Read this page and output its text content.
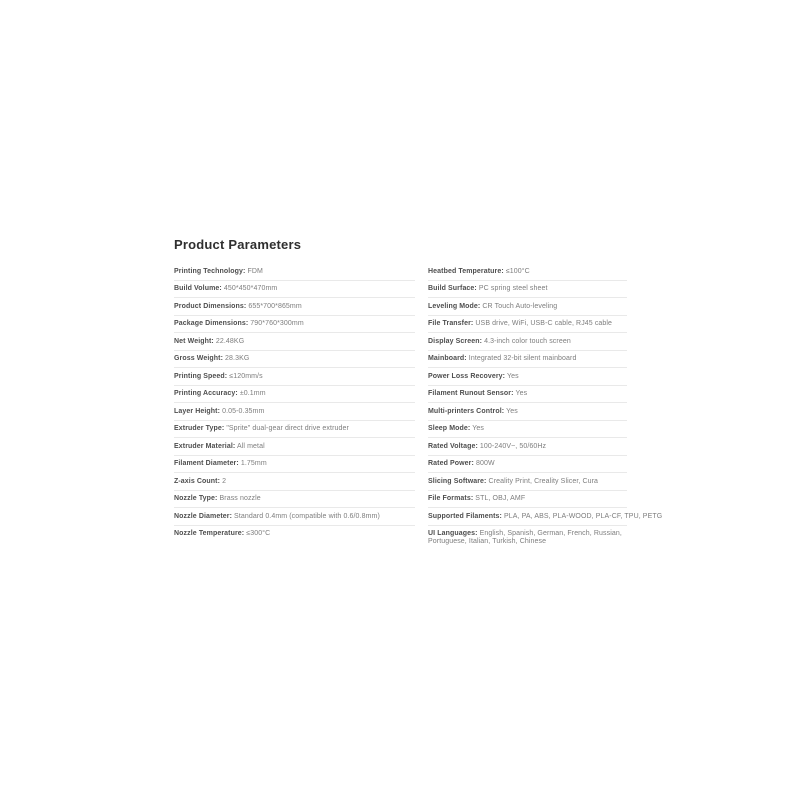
Product Parameters
Printing Technology: FDM
Build Volume: 450*450*470mm
Product Dimensions: 655*700*865mm
Package Dimensions: 790*760*300mm
Net Weight: 22.48KG
Gross Weight: 28.3KG
Printing Speed: ≤120mm/s
Printing Accuracy: ±0.1mm
Layer Height: 0.05-0.35mm
Extruder Type: "Sprite" dual-gear direct drive extruder
Extruder Material: All metal
Filament Diameter: 1.75mm
Z-axis Count: 2
Nozzle Type: Brass nozzle
Nozzle Diameter: Standard 0.4mm (compatible with 0.6/0.8mm)
Nozzle Temperature: ≤300°C
Heatbed Temperature: ≤100°C
Build Surface: PC spring steel sheet
Leveling Mode: CR Touch Auto-leveling
File Transfer: USB drive, WiFi, USB-C cable, RJ45 cable
Display Screen: 4.3-inch color touch screen
Mainboard: Integrated 32-bit silent mainboard
Power Loss Recovery: Yes
Filament Runout Sensor: Yes
Multi-printers Control: Yes
Sleep Mode: Yes
Rated Voltage: 100-240V~, 50/60Hz
Rated Power: 800W
Slicing Software: Creality Print, Creality Slicer, Cura
File Formats: STL, OBJ, AMF
Supported Filaments: PLA, PA, ABS, PLA-WOOD, PLA-CF, TPU, PETG
UI Languages: English, Spanish, German, French, Russian, Portuguese, Italian, Turkish, Chinese
